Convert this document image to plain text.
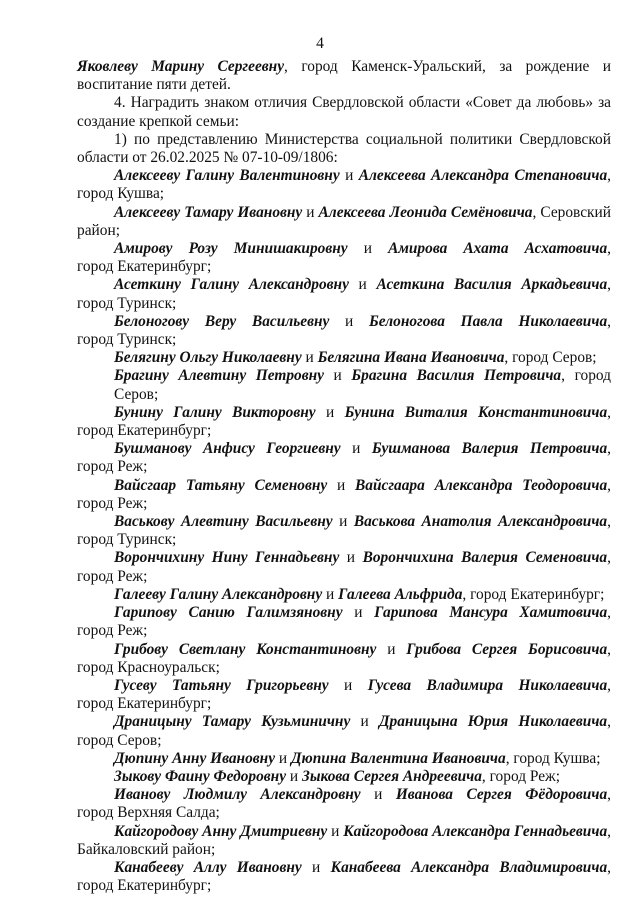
4
Яковлеву Марину Сергеевну, город Каменск-Уральский, за рождение и воспитание пяти детей.
4. Наградить знаком отличия Свердловской области «Совет да любовь» за создание крепкой семьи:
1) по представлению Министерства социальной политики Свердловской области от 26.02.2025 № 07-10-09/1806:
Алексееву Галину Валентиновну и Алексеева Александра Степановича,
город Кушва;
Алексееву Тамару Ивановну и Алексеева Леонида Семёновича, Серовский
район;
Амирову Розу Минишакировну и Амирова Ахата Асхатовича,
город Екатеринбург;
Асеткину Галину Александровну и Асеткина Василия Аркадьевича,
город Туринск;
Белоногову Веру Васильевну и Белоногова Павла Николаевича,
город Туринск;
Белягину Ольгу Николаевну и Белягина Ивана Ивановича, город Серов;
Брагину Алевтину Петровну и Брагина Василия Петровича, город Серов;
Бунину Галину Викторовну и Бунина Виталия Константиновича,
город Екатеринбург;
Бушманову Анфису Георгиевну и Бушманова Валерия Петровича,
город Реж;
Вайсгаар Татьяну Семеновну и Вайсгаара Александра Теодоровича,
город Реж;
Васькову Алевтину Васильевну и Васькова Анатолия Александровича,
город Туринск;
Ворончихину Нину Геннадьевну и Ворончихина Валерия Семеновича,
город Реж;
Галееву Галину Александровну и Галеева Альфрида, город Екатеринбург;
Гарипову Санию Галимзяновну и Гарипова Мансура Хамитовича,
город Реж;
Грибову Светлану Константиновну и Грибова Сергея Борисовича,
город Красноуральск;
Гусеву Татьяну Григорьевну и Гусева Владимира Николаевича,
город Екатеринбург;
Драницыну Тамару Кузьминичну и Драницына Юрия Николаевича,
город Серов;
Дюпину Анну Ивановну и Дюпина Валентина Ивановича, город Кушва;
Зыкову Фаину Федоровну и Зыкова Сергея Андреевича, город Реж;
Иванову Людмилу Александровну и Иванова Сергея Фёдоровича,
город Верхняя Салда;
Кайгородову Анну Дмитриевну и Кайгородова Александра Геннадьевича,
Байкаловский район;
Канабееву Аллу Ивановну и Канабеева Александра Владимировича,
город Екатеринбург;
